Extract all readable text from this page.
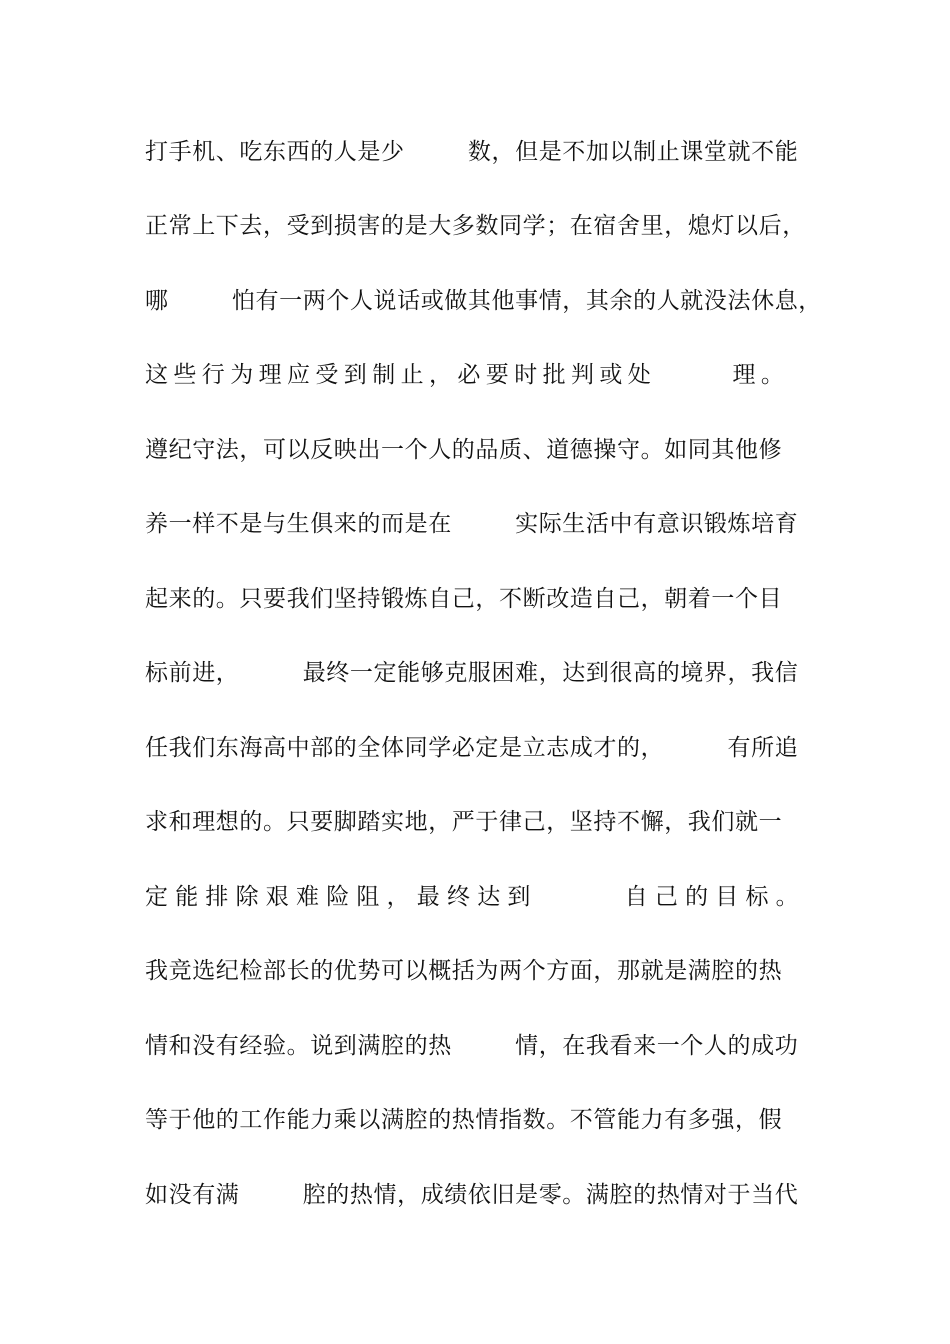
打手机、吃东西的人是少        数，但是不加以制止课堂就不能
正常上下去，受到损害的是大多数同学；在宿舍里，熄灯以后，
哪        怕有一两个人说话或做其他事情，其余的人就没法休息，
这些行为理应受到制止，必要时批判或处      理。
遵纪守法，可以反映出一个人的品质、道德操守。如同其他修
养一样不是与生俱来的而是在        实际生活中有意识锻炼培育
起来的。只要我们坚持锻炼自己，不断改造自己，朝着一个目
标前进，        最终一定能够克服困难，达到很高的境界，我信
任我们东海高中部的全体同学必定是立志成才的，        有所追
求和理想的。只要脚踏实地，严于律己，坚持不懈，我们就一
定能排除艰难险阻，最终达到      自己的目标。
我竞选纪检部长的优势可以概括为两个方面，那就是满腔的热
情和没有经验。说到满腔的热        情，在我看来一个人的成功
等于他的工作能力乘以满腔的热情指数。不管能力有多强，假
如没有满        腔的热情，成绩依旧是零。满腔的热情对于当代
